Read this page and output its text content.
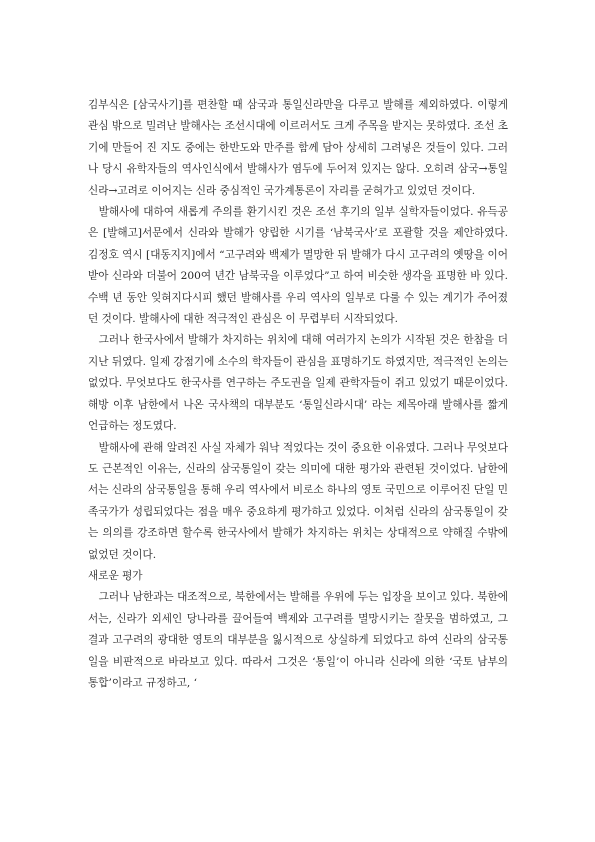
김부식은 [삼국사기]를 편찬할 때 삼국과 통일신라만을 다루고 발해를 제외하였다. 이렇게 관심 밖으로 밀려난 발해사는 조선시대에 이르러서도 크게 주목을 받지는 못하였다. 조선 초기에 만들어 진 지도 중에는 한반도와 만주를 함께 담아 상세히 그려넣은 것들이 있다. 그러나 당시 유학자들의 역사인식에서 발해사가 염두에 두어져 있지는 않다. 오히려 삼국→통일신라→고려로 이어지는 신라 중심적인 국가계통론이 자리를 굳혀가고 있었던 것이다.

발해사에 대하여 새롭게 주의를 환기시킨 것은 조선 후기의 일부 실학자들이었다. 유득공은 [발해고]서문에서 신라와 발해가 양립한 시기를 ‘남북국사’로 포괄할 것을 제안하였다. 김정호 역시 [대동지지]에서 “고구려와 백제가 멸망한 뒤 발해가 다시 고구려의 옛땅을 이어받아 신라와 더불어 200여 년간 남북국을 이루었다”고 하여 비슷한 생각을 표명한 바 있다. 수백 년 동안 잊혀지다시피 했던 발해사를 우리 역사의 일부로 다룰 수 있는 계기가 주어졌던 것이다. 발해사에 대한 적극적인 관심은 이 무렵부터 시작되었다.

그러나 한국사에서 발해가 차지하는 위치에 대해 여러가지 논의가 시작된 것은 한참을 더 지난 뒤였다. 일제 강점기에 소수의 학자들이 관심을 표명하기도 하였지만, 적극적인 논의는 없었다. 무엇보다도 한국사를 연구하는 주도권을 일제 관학자들이 쥐고 있었기 때문이었다. 해방 이후 남한에서 나온 국사책의 대부분도 ‘통일신라시대’ 라는 제목아래 발해사를 짧게 언급하는 정도였다.

발해사에 관해 알려진 사실 자체가 워낙 적었다는 것이 중요한 이유였다. 그러나 무엇보다도 근본적인 이유는, 신라의 삼국통일이 갖는 의미에 대한 평가와 관련된 것이었다. 남한에서는 신라의 삼국통일을 통해 우리 역사에서 비로소 하나의 영토 국민으로 이루어진 단일 민족국가가 성립되었다는 점을 매우 중요하게 평가하고 있었다. 이처럼 신라의 삼국통일이 갖는 의의를 강조하면 할수록 한국사에서 발해가 차지하는 위치는 상대적으로 약해질 수밖에 없었던 것이다.

새로운 평가

그러나 남한과는 대조적으로, 북한에서는 발해를 우위에 두는 입장을 보이고 있다. 북한에서는, 신라가 외세인 당나라를 끌어들여 백제와 고구려를 멸망시키는 잘못을 범하였고, 그 결과 고구려의 광대한 영토의 대부분을 잃시적으로 상실하게 되었다고 하여 신라의 삼국통일을 비판적으로 바라보고 있다. 따라서 그것은 ‘통일’이 아니라 신라에 의한 ‘국토 남부의 통합’이라고 규정하고, ‘
